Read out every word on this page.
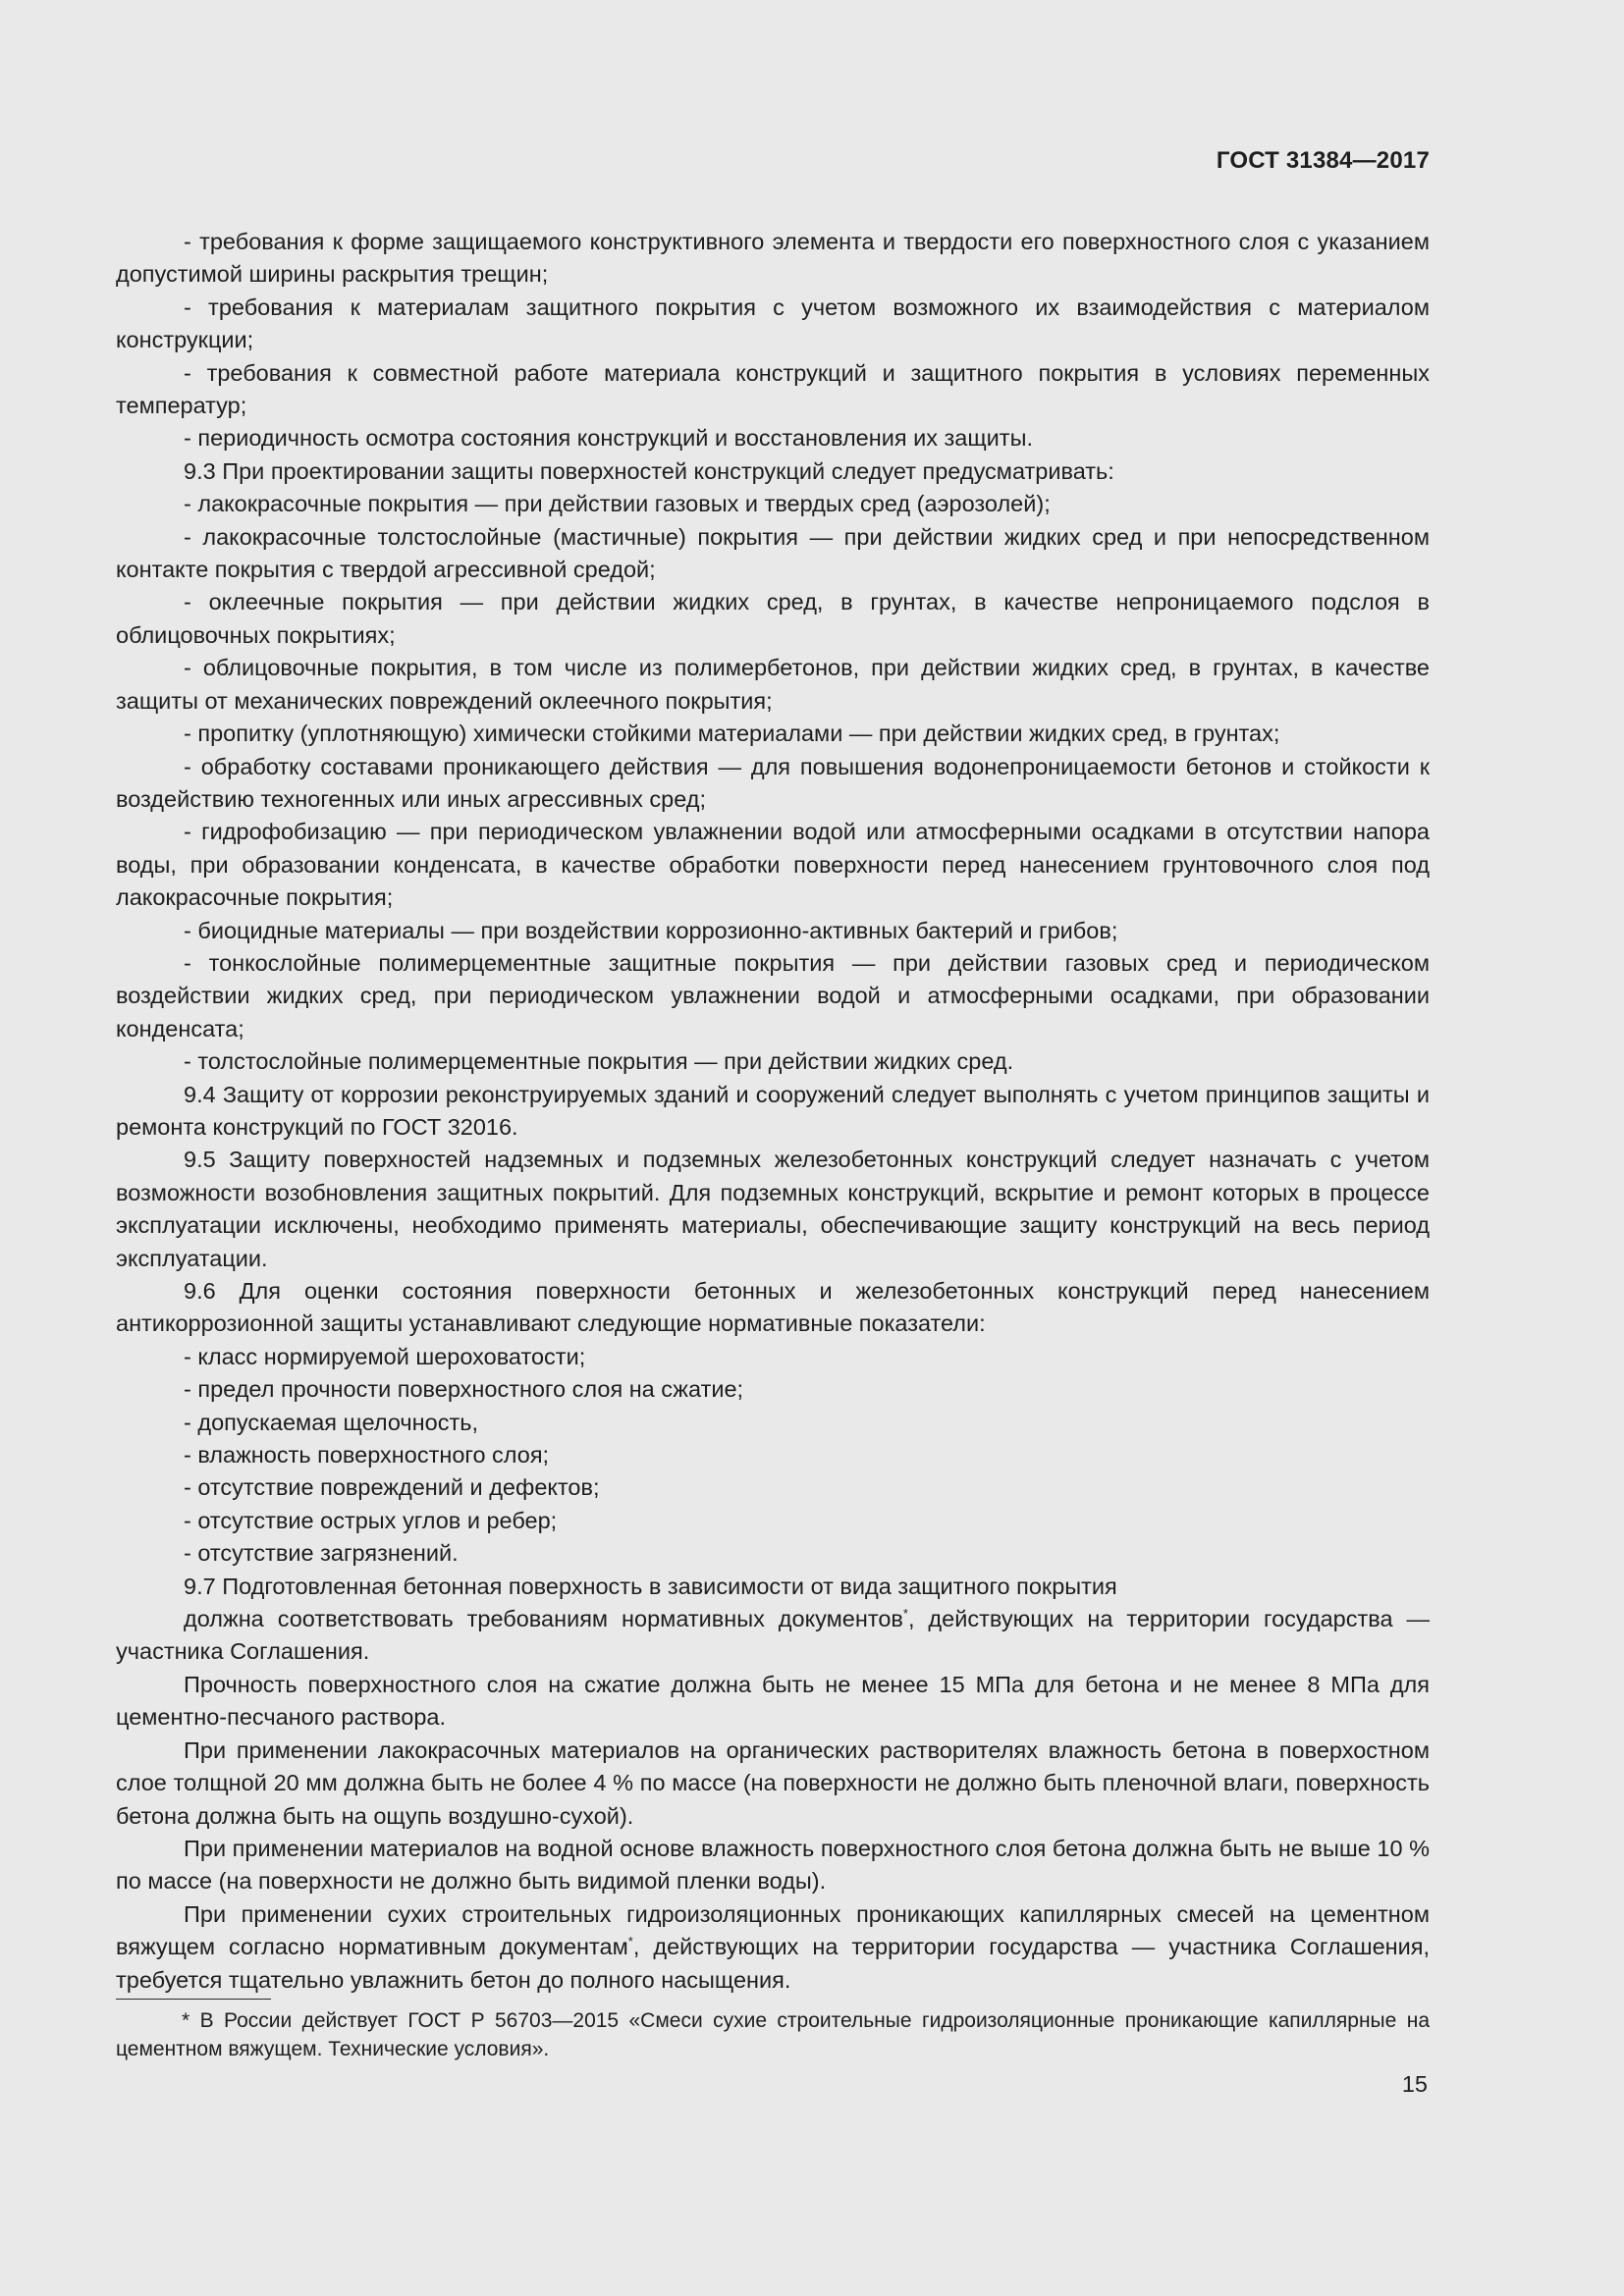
ГОСТ 31384—2017

- требования к форме защищаемого конструктивного элемента и твердости его поверхностного слоя с указанием допустимой ширины раскрытия трещин;

- требования к материалам защитного покрытия с учетом возможного их взаимодействия с материалом конструкции;

- требования к совместной работе материала конструкций и защитного покрытия в условиях переменных температур;

- периодичность осмотра состояния конструкций и восстановления их защиты.

9.3 При проектировании защиты поверхностей конструкций следует предусматривать:

- лакокрасочные покрытия — при действии газовых и твердых сред (аэрозолей);

- лакокрасочные толстослойные (мастичные) покрытия — при действии жидких сред и при непосредственном контакте покрытия с твердой агрессивной средой;

- оклеечные покрытия — при действии жидких сред, в грунтах, в качестве непроницаемого подслоя в облицовочных покрытиях;

- облицовочные покрытия, в том числе из полимербетонов, при действии жидких сред, в грунтах, в качестве защиты от механических повреждений оклеечного покрытия;

- пропитку (уплотняющую) химически стойкими материалами — при действии жидких сред, в грунтах;

- обработку составами проникающего действия — для повышения водонепроницаемости бетонов и стойкости к воздействию техногенных или иных агрессивных сред;

- гидрофобизацию — при периодическом увлажнении водой или атмосферными осадками в отсутствии напора воды, при образовании конденсата, в качестве обработки поверхности перед нанесением грунтовочного слоя под лакокрасочные покрытия;

- биоцидные материалы — при воздействии коррозионно-активных бактерий и грибов;

- тонкослойные полимерцементные защитные покрытия — при действии газовых сред и периодическом воздействии жидких сред, при периодическом увлажнении водой и атмосферными осадками, при образовании конденсата;

- толстослойные полимерцементные покрытия — при действии жидких сред.

9.4 Защиту от коррозии реконструируемых зданий и сооружений следует выполнять с учетом принципов защиты и ремонта конструкций по ГОСТ 32016.

9.5 Защиту поверхностей надземных и подземных железобетонных конструкций следует назначать с учетом возможности возобновления защитных покрытий. Для подземных конструкций, вскрытие и ремонт которых в процессе эксплуатации исключены, необходимо применять материалы, обеспечивающие защиту конструкций на весь период эксплуатации.

9.6 Для оценки состояния поверхности бетонных и железобетонных конструкций перед нанесением антикоррозионной защиты устанавливают следующие нормативные показатели:

- класс нормируемой шероховатости;

- предел прочности поверхностного слоя на сжатие;

- допускаемая щелочность,

- влажность поверхностного слоя;

- отсутствие повреждений и дефектов;

- отсутствие острых углов и ребер;

- отсутствие загрязнений.

9.7 Подготовленная бетонная поверхность в зависимости от вида защитного покрытия

должна соответствовать требованиям нормативных документов*, действующих на территории государства — участника Соглашения.

Прочность поверхностного слоя на сжатие должна быть не менее 15 МПа для бетона и не менее 8 МПа для цементно-песчаного раствора.

При применении лакокрасочных материалов на органических растворителях влажность бетона в поверхостном слое толщной 20 мм должна быть не более 4 % по массе (на поверхности не должно быть пленочной влаги, поверхность бетона должна быть на ощупь воздушно-сухой).

При применении материалов на водной основе влажность поверхностного слоя бетона должна быть не выше 10 % по массе (на поверхности не должно быть видимой пленки воды).

При применении сухих строительных гидроизоляционных проникающих капиллярных смесей на цементном вяжущем согласно нормативным документам*, действующих на территории государства — участника Соглашения, требуется тщательно увлажнить бетон до полного насыщения.

* В России действует ГОСТ Р 56703—2015 «Смеси сухие строительные гидроизоляционные проникающие капиллярные на цементном вяжущем. Технические условия».

15
